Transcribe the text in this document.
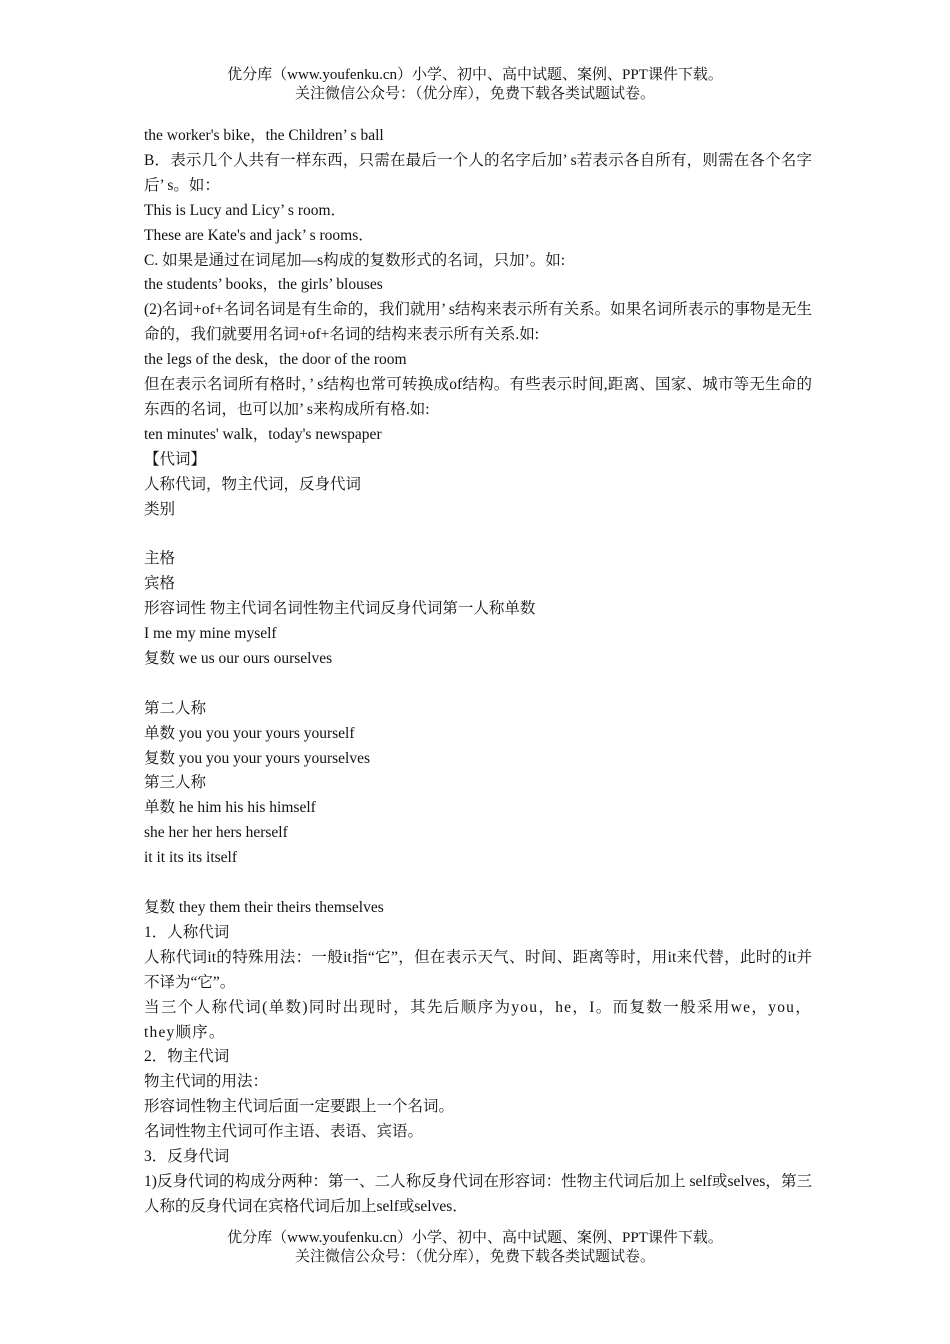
优分库（www.youfenku.cn）小学、初中、高中试题、案例、PPT课件下载。
关注微信公众号：（优分库），免费下载各类试题试卷。
the worker's bike，the Children’ s ball
B．表示几个人共有一样东西，只需在最后一个人的名字后加’ s若表示各自所有，则需在各个名字后’ s。如：
This is Lucy and Licy’ s room．
These are Kate's and jack’ s rooms．
C. 如果是通过在词尾加—s构成的复数形式的名词，只加’。如:
the students’ books，the girls’ blouses
(2)名词+of+名词名词是有生命的，我们就用’ s结构来表示所有关系。如果名词所表示的事物是无生命的，我们就要用名词+of+名词的结构来表示所有关系.如:
the legs of the desk，the door of the room
但在表示名词所有格时，’ s结构也常可转换成of结构。有些表示时间,距离、国家、城市等无生命的东西的名词，也可以加’ s来构成所有格.如:
ten minutes' walk，today's newspaper
【代词】
人称代词，物主代词，反身代词
类别
主格
宾格
形容词性 物主代词名词性物主代词反身代词第一人称单数
I me my mine myself
复数 we us our ours ourselves
第二人称
单数 you you your yours yourself
复数 you you your yours yourselves
第三人称
单数 he him his his himself
she her her hers herself
it it its its itself
复数 they them their theirs themselves
1．人称代词
人称代词it的特殊用法：一般it指“它”，但在表示天气、时间、距离等时，用it来代替，此时的it并不译为“它”。
当三个人称代词(单数)同时出现时，其先后顺序为you，he，I。而复数一般采用we，you，they顺序。
2．物主代词
物主代词的用法：
形容词性物主代词后面一定要跟上一个名词。
名词性物主代词可作主语、表语、宾语。
3．反身代词
1)反身代词的构成分两种：第一、二人称反身代词在形容词：性物主代词后加上 self或selves，第三人称的反身代词在宾格代词后加上self或selves．
优分库（www.youfenku.cn）小学、初中、高中试题、案例、PPT课件下载。
关注微信公众号：（优分库），免费下载各类试题试卷。
